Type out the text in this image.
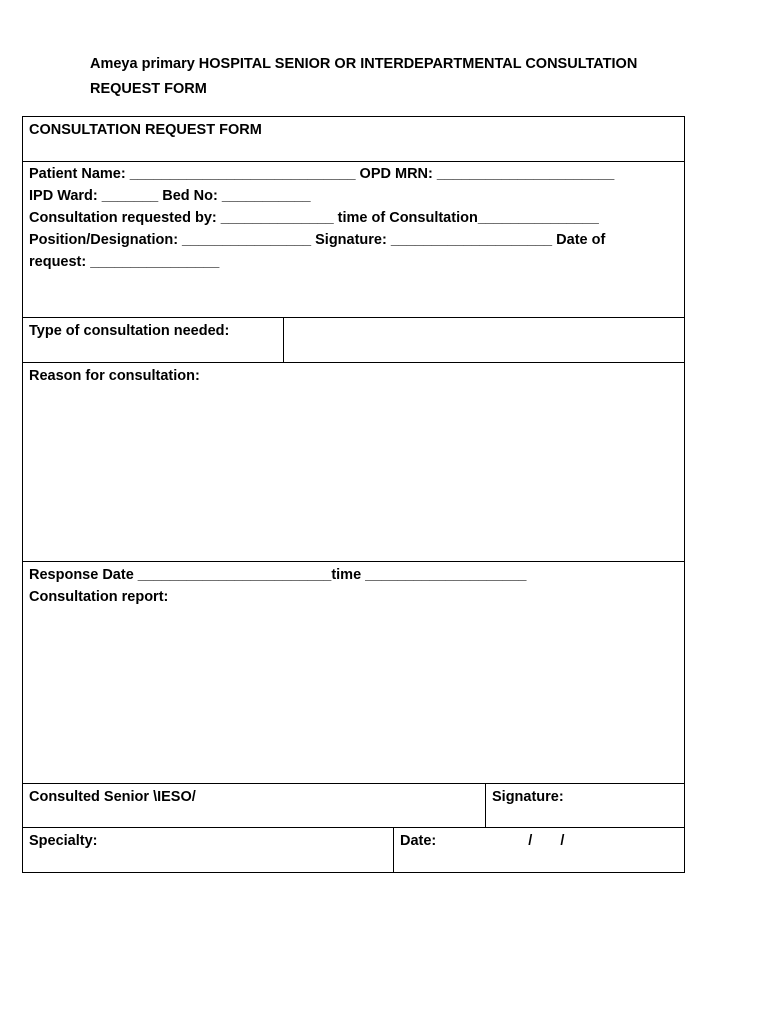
Ameya primary HOSPITAL SENIOR OR INTERDEPARTMENTAL CONSULTATION
REQUEST FORM
CONSULTATION REQUEST FORM			

Patient Name: ____________________________ OPD MRN: ______________________
IPD Ward: _______ Bed No: ___________
Consultation requested by: ______________ time of Consultation_______________
Position/Designation: ________________ Signature: ____________________ Date of
request: ________________			

Type of consultation needed:			
Reason for consultation:			

Response Date ________________________time ____________________
Consultation report:			

Consulted Senior \IESO/			Signature:
Specialty:		Date: / /	
